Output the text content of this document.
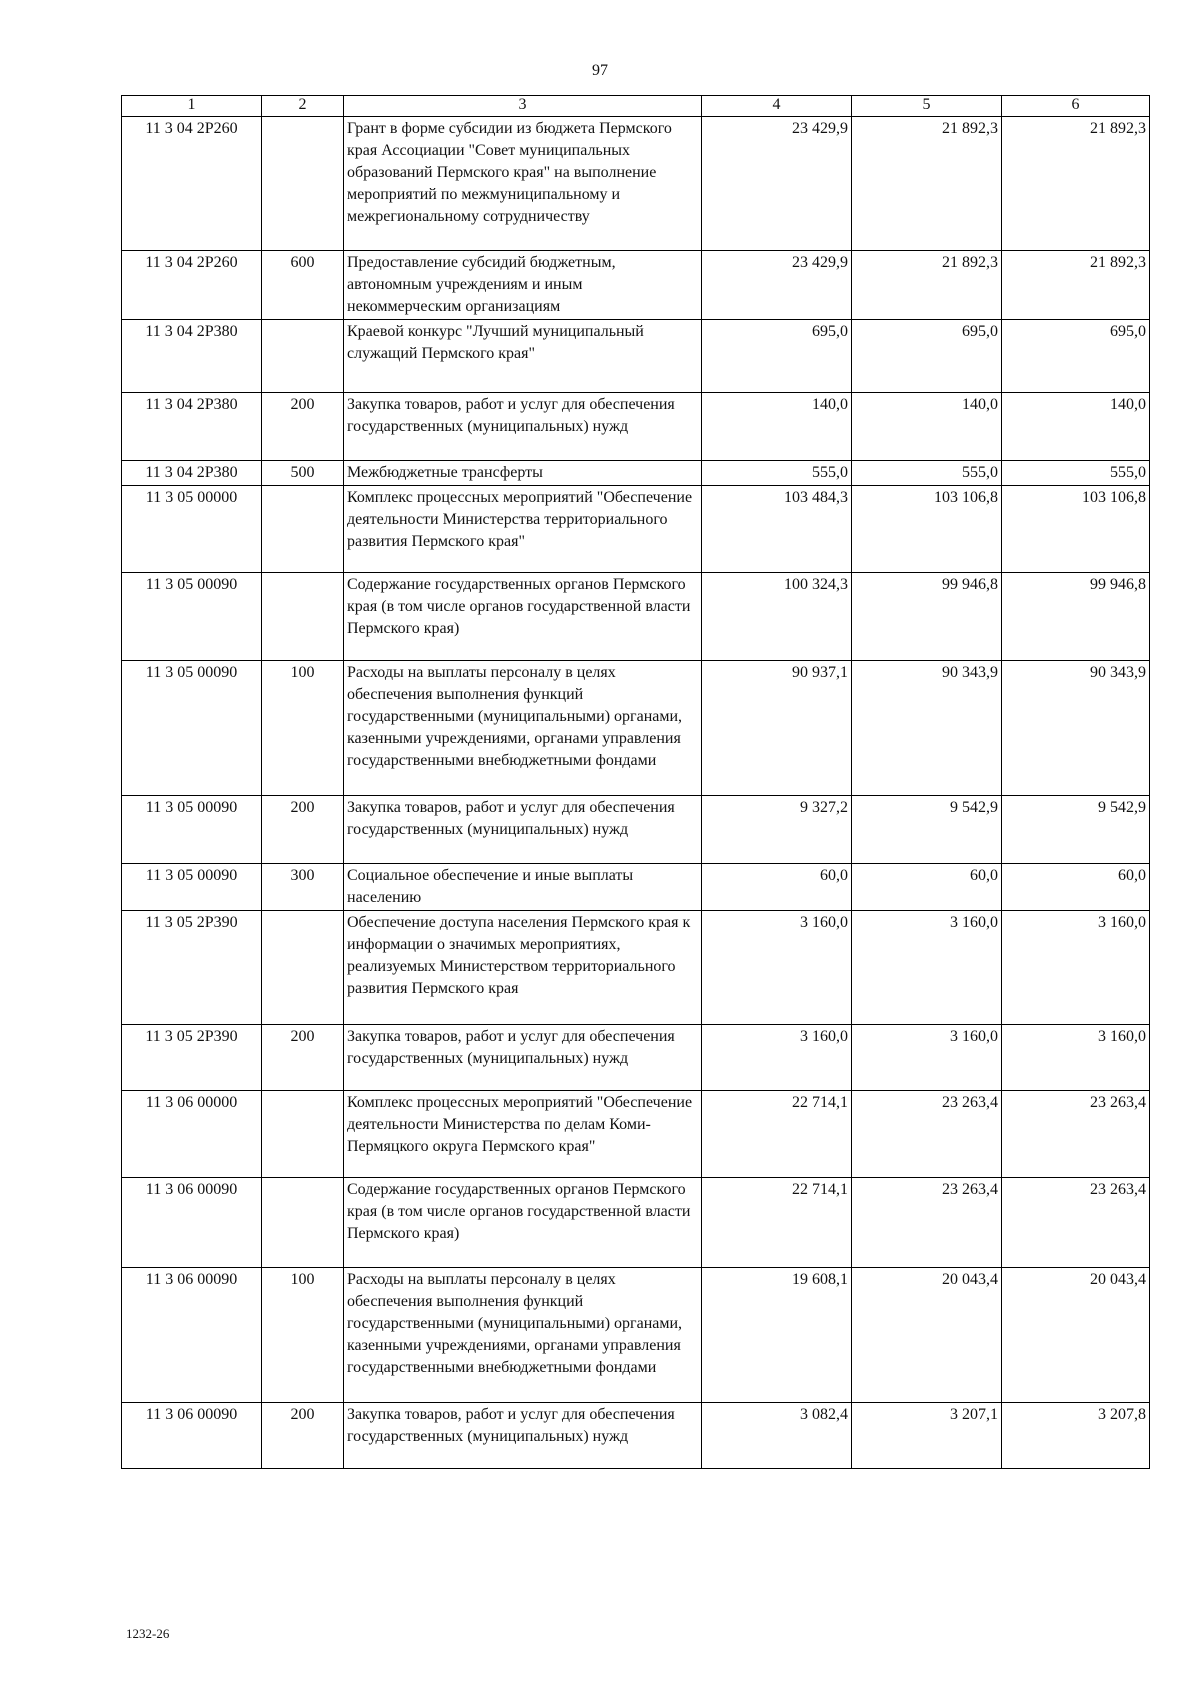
97
1	2	3	4	5	6
11 3 04 2P260		Грант в форме субсидии из бюджета Пермского края Ассоциации "Совет муниципальных образований Пермского края" на выполнение мероприятий по межмуниципальному и межрегиональному сотрудничеству	23 429,9	21 892,3	21 892,3
11 3 04 2P260	600	Предоставление субсидий бюджетным, автономным учреждениям и иным некоммерческим организациям	23 429,9	21 892,3	21 892,3
11 3 04 2P380		Краевой конкурс "Лучший муниципальный служащий Пермского края"	695,0	695,0	695,0
11 3 04 2P380	200	Закупка товаров, работ и услуг для обеспечения государственных (муниципальных) нужд	140,0	140,0	140,0
11 3 04 2P380	500	Межбюджетные трансферты	555,0	555,0	555,0
11 3 05 00000		Комплекс процессных мероприятий "Обеспечение деятельности Министерства территориального развития Пермского края"	103 484,3	103 106,8	103 106,8
11 3 05 00090		Содержание государственных органов Пермского края (в том числе органов государственной власти Пермского края)	100 324,3	99 946,8	99 946,8
11 3 05 00090	100	Расходы на выплаты персоналу в целях обеспечения выполнения функций государственными (муниципальными) органами, казенными учреждениями, органами управления государственными внебюджетными фондами	90 937,1	90 343,9	90 343,9
11 3 05 00090	200	Закупка товаров, работ и услуг для обеспечения государственных (муниципальных) нужд	9 327,2	9 542,9	9 542,9
11 3 05 00090	300	Социальное обеспечение и иные выплаты населению	60,0	60,0	60,0
11 3 05 2P390		Обеспечение доступа населения Пермского края к информации о значимых мероприятиях, реализуемых Министерством территориального развития Пермского края	3 160,0	3 160,0	3 160,0
11 3 05 2P390	200	Закупка товаров, работ и услуг для обеспечения государственных (муниципальных) нужд	3 160,0	3 160,0	3 160,0
11 3 06 00000		Комплекс процессных мероприятий "Обеспечение деятельности Министерства по делам Коми-Пермяцкого округа Пермского края"	22 714,1	23 263,4	23 263,4
11 3 06 00090		Содержание государственных органов Пермского края (в том числе органов государственной власти Пермского края)	22 714,1	23 263,4	23 263,4
11 3 06 00090	100	Расходы на выплаты персоналу в целях обеспечения выполнения функций государственными (муниципальными) органами, казенными учреждениями, органами управления государственными внебюджетными фондами	19 608,1	20 043,4	20 043,4
11 3 06 00090	200	Закупка товаров, работ и услуг для обеспечения государственных (муниципальных) нужд	3 082,4	3 207,1	3 207,8
1232-26
